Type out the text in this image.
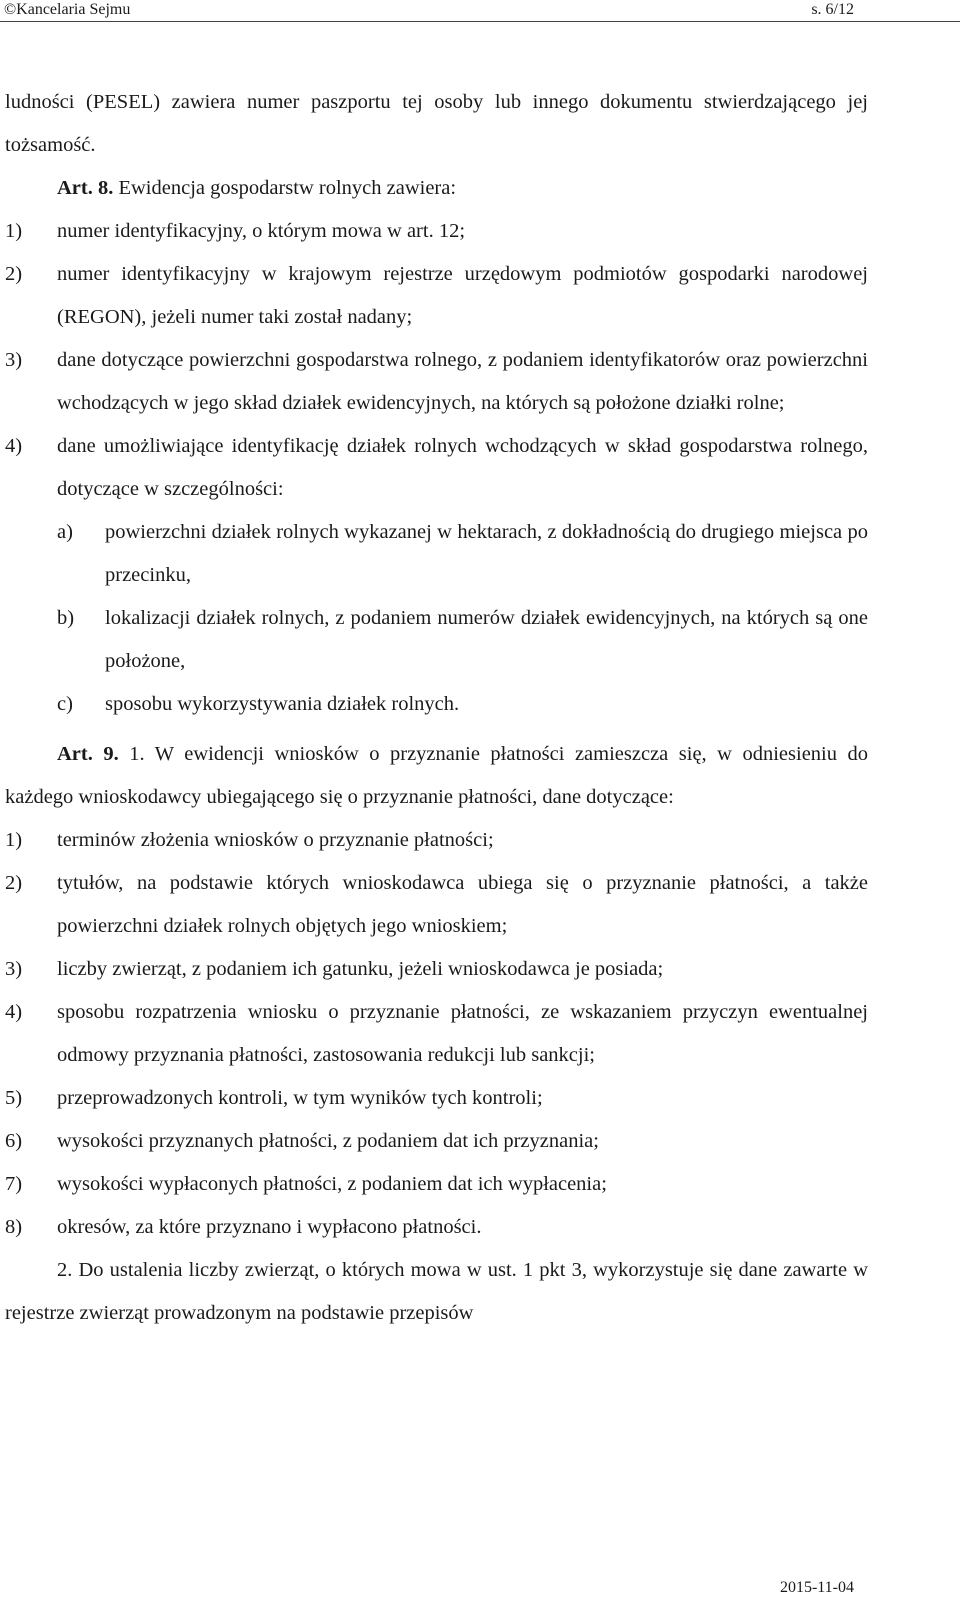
©Kancelaria Sejmu	s. 6/12

ludności (PESEL) zawiera numer paszportu tej osoby lub innego dokumentu stwierdzającego jej tożsamość.

Art. 8. Ewidencja gospodarstw rolnych zawiera:

1)	numer identyfikacyjny, o którym mowa w art. 12;
2)	numer identyfikacyjny w krajowym rejestrze urzędowym podmiotów gospodarki narodowej (REGON), jeżeli numer taki został nadany;
3)	dane dotyczące powierzchni gospodarstwa rolnego, z podaniem identyfikatorów oraz powierzchni wchodzących w jego skład działek ewidencyjnych, na których są położone działki rolne;
4)	dane umożliwiające identyfikację działek rolnych wchodzących w skład gospodarstwa rolnego, dotyczące w szczególności:
a)	powierzchni działek rolnych wykazanej w hektarach, z dokładnością do drugiego miejsca po przecinku,
b)	lokalizacji działek rolnych, z podaniem numerów działek ewidencyjnych, na których są one położone,
c)	sposobu wykorzystywania działek rolnych.

Art. 9. 1. W ewidencji wniosków o przyznanie płatności zamieszcza się, w odniesieniu do każdego wnioskodawcy ubiegającego się o przyznanie płatności, dane dotyczące:

1)	terminów złożenia wniosków o przyznanie płatności;
2)	tytułów, na podstawie których wnioskodawca ubiega się o przyznanie płatności, a także powierzchni działek rolnych objętych jego wnioskiem;
3)	liczby zwierząt, z podaniem ich gatunku, jeżeli wnioskodawca je posiada;
4)	sposobu rozpatrzenia wniosku o przyznanie płatności, ze wskazaniem przyczyn ewentualnej odmowy przyznania płatności, zastosowania redukcji lub sankcji;
5)	przeprowadzonych kontroli, w tym wyników tych kontroli;
6)	wysokości przyznanych płatności, z podaniem dat ich przyznania;
7)	wysokości wypłaconych płatności, z podaniem dat ich wypłacenia;
8)	okresów, za które przyznano i wypłacono płatności.

2. Do ustalenia liczby zwierząt, o których mowa w ust. 1 pkt 3, wykorzystuje się dane zawarte w rejestrze zwierząt prowadzonym na podstawie przepisów

2015-11-04
